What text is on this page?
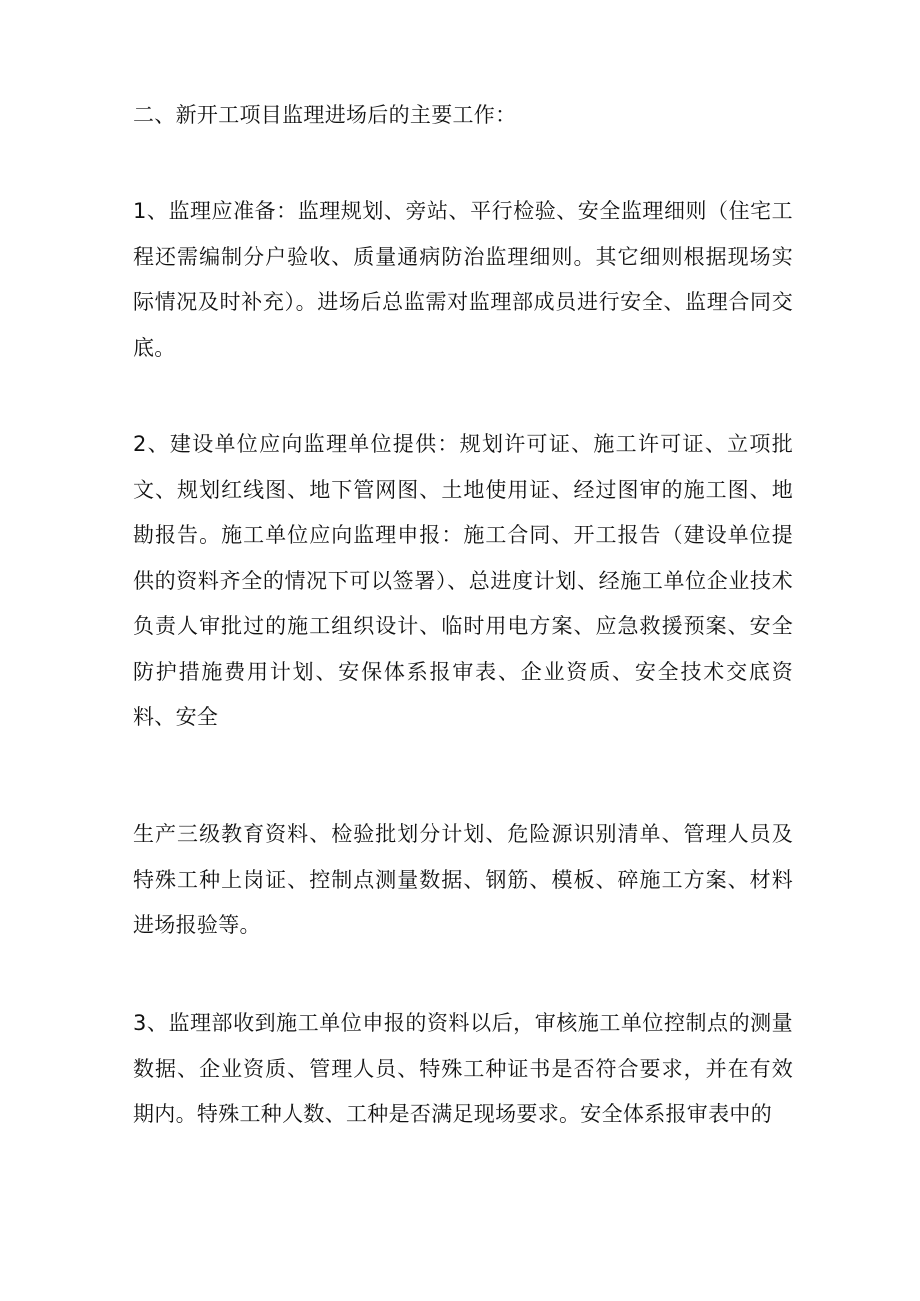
二、新开工项目监理进场后的主要工作：

1、监理应准备：监理规划、旁站、平行检验、安全监理细则（住宅工程还需编制分户验收、质量通病防治监理细则。其它细则根据现场实际情况及时补充）。进场后总监需对监理部成员进行安全、监理合同交底。

2、建设单位应向监理单位提供：规划许可证、施工许可证、立项批文、规划红线图、地下管网图、土地使用证、经过图审的施工图、地勘报告。施工单位应向监理申报：施工合同、开工报告（建设单位提供的资料齐全的情况下可以签署）、总进度计划、经施工单位企业技术负责人审批过的施工组织设计、临时用电方案、应急救援预案、安全防护措施费用计划、安保体系报审表、企业资质、安全技术交底资料、安全

生产三级教育资料、检验批划分计划、危险源识别清单、管理人员及特殊工种上岗证、控制点测量数据、钢筋、模板、碎施工方案、材料进场报验等。

3、监理部收到施工单位申报的资料以后，审核施工单位控制点的测量数据、企业资质、管理人员、特殊工种证书是否符合要求，并在有效期内。特殊工种人数、工种是否满足现场要求。安全体系报审表中的
